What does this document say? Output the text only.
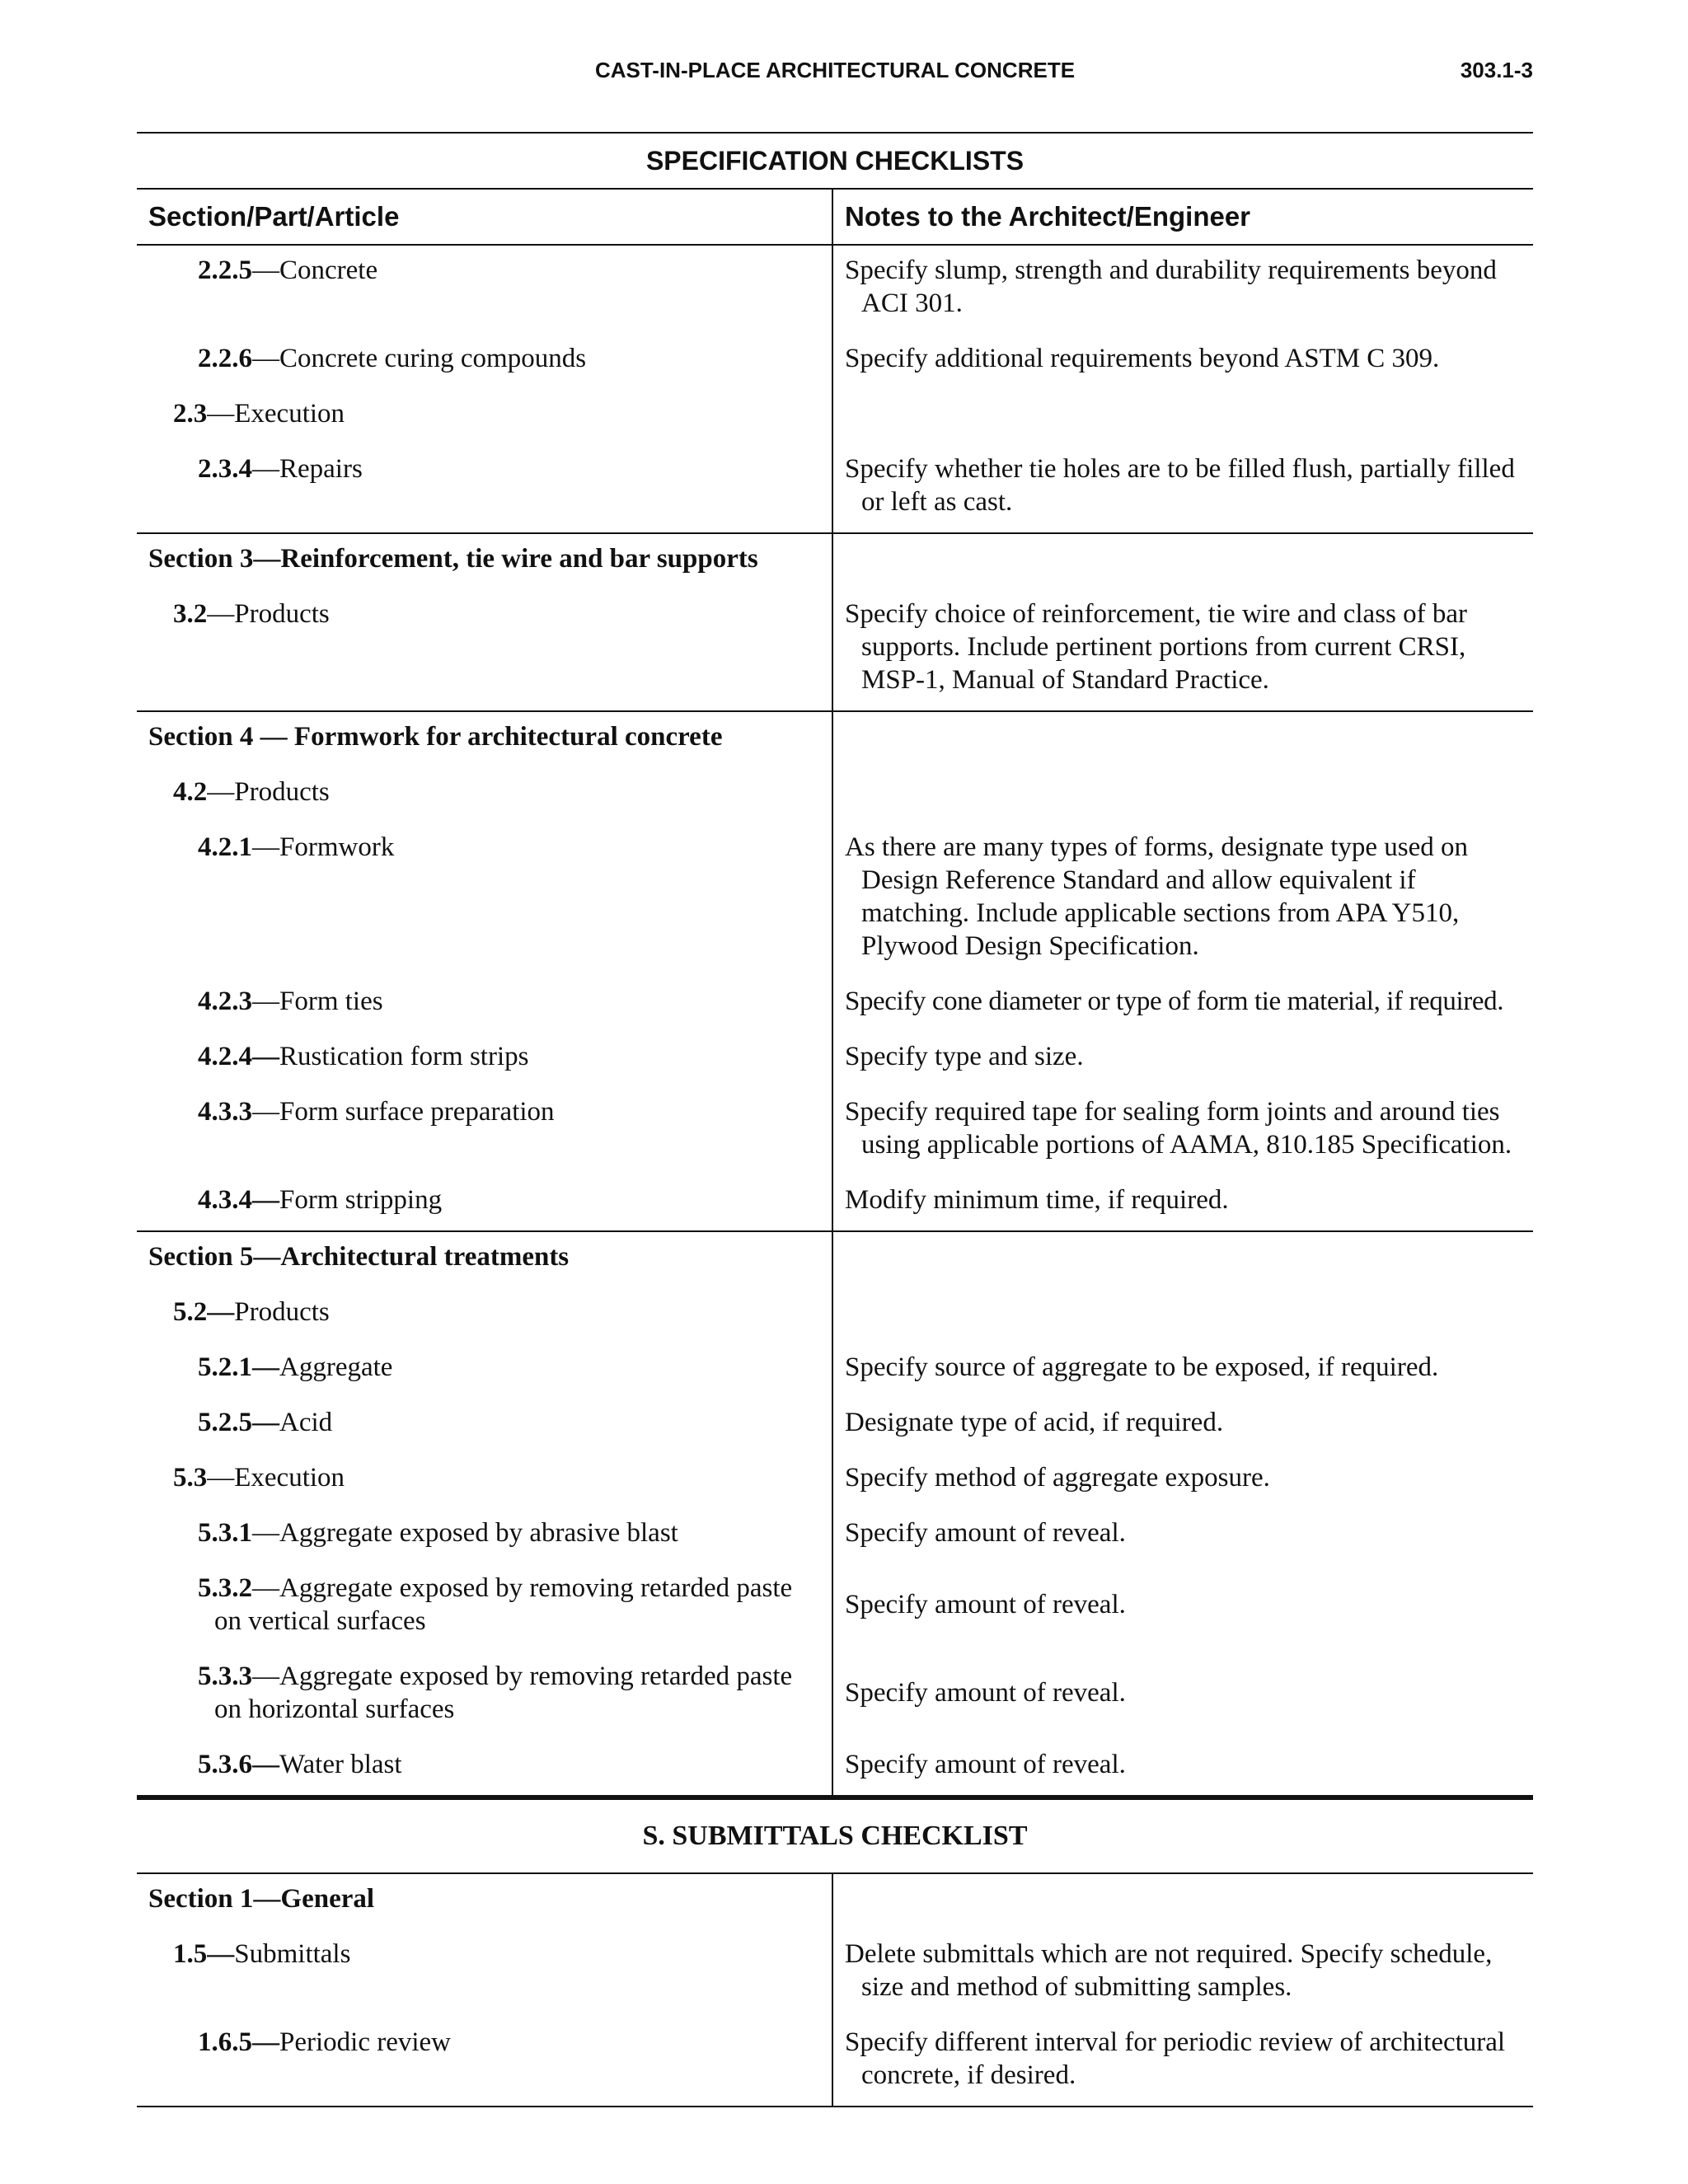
CAST-IN-PLACE ARCHITECTURAL CONCRETE	303.1-3
SPECIFICATION CHECKLISTS	
Section/Part/Article	Notes to the Architect/Engineer

2.2.5—Concrete	Specify slump, strength and durability requirements beyond ACI 301.

2.2.6—Concrete curing compounds	Specify additional requirements beyond ASTM C 309.

2.3—Execution	

2.3.4—Repairs	Specify whether tie holes are to be filled flush, partially filled or left as cast.

Section 3—Reinforcement, tie wire and bar supports	

3.2—Products	Specify choice of reinforcement, tie wire and class of bar supports. Include pertinent portions from current CRSI, MSP-1, Manual of Standard Practice.

Section 4 — Formwork for architectural concrete	

4.2—Products	

4.2.1—Formwork	As there are many types of forms, designate type used on Design Reference Standard and allow equivalent if matching. Include applicable sections from APA Y510, Plywood Design Specification.

4.2.3—Form ties	Specify cone diameter or type of form tie material, if required.

4.2.4—Rustication form strips	Specify type and size.

4.3.3—Form surface preparation	Specify required tape for sealing form joints and around ties using applicable portions of AAMA, 810.185 Specification.

4.3.4—Form stripping	Modify minimum time, if required.

Section 5—Architectural treatments	

5.2—Products	

5.2.1—Aggregate	Specify source of aggregate to be exposed, if required.

5.2.5—Acid	Designate type of acid, if required.

5.3—Execution	Specify method of aggregate exposure.

5.3.1—Aggregate exposed by abrasive blast	Specify amount of reveal.

5.3.2—Aggregate exposed by removing retarded paste on vertical surfaces	Specify amount of reveal.

5.3.3—Aggregate exposed by removing retarded paste on horizontal surfaces	Specify amount of reveal.

5.3.6—Water blast	Specify amount of reveal.
S. SUBMITTALS CHECKLIST	

Section 1—General	

1.5—Submittals	Delete submittals which are not required. Specify schedule, size and method of submitting samples.

1.6.5—Periodic review	Specify different interval for periodic review of architectural concrete, if desired.
